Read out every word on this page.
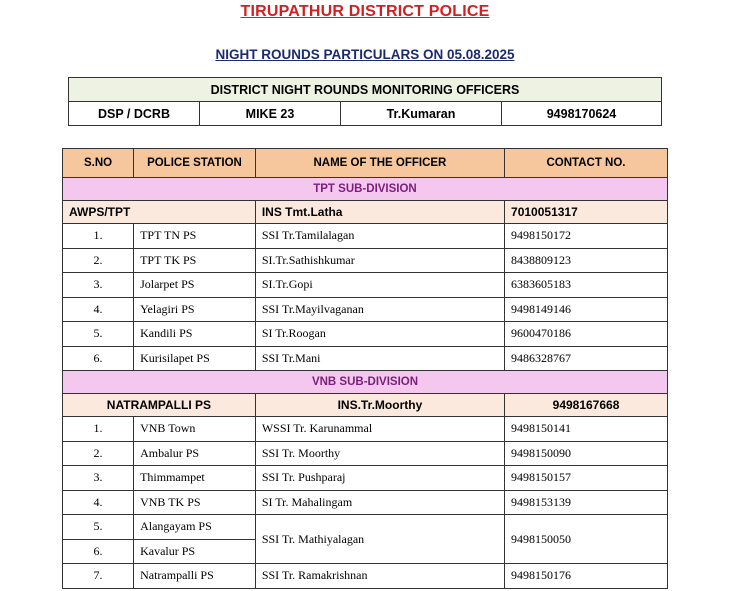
TIRUPATHUR DISTRICT POLICE
NIGHT ROUNDS PARTICULARS ON 05.08.2025
DISTRICT NIGHT ROUNDS MONITORING OFFICERS
DSP / DCRB	MIKE 23	Tr.Kumaran	9498170624
S.NO	POLICE STATION	NAME OF THE OFFICER	CONTACT NO.
TPT SUB-DIVISION			
AWPS/TPT		INS Tmt.Latha	7010051317
1.	TPT TN PS	SSI Tr.Tamilalagan	9498150172
2.	TPT TK PS	SI.Tr.Sathishkumar	8438809123
3.	Jolarpet PS	SI.Tr.Gopi	6383605183
4.	Yelagiri PS	SSI Tr.Mayilvaganan	9498149146
5.	Kandili PS	SI Tr.Roogan	9600470186
6.	Kurisilapet PS	SSI Tr.Mani	9486328767
VNB SUB-DIVISION			
NATRAMPALLI PS		INS.Tr.Moorthy	9498167668
1.	VNB Town	WSSI Tr. Karunammal	9498150141
2.	Ambalur PS	SSI Tr. Moorthy	9498150090
3.	Thimmampet	SSI Tr. Pushparaj	9498150157
4.	VNB TK PS	SI Tr. Mahalingam	9498153139
5.	Alangayam PS	SSI Tr. Mathiyalagan	9498150050
6.	Kavalur PS		
7.	Natrampalli PS	SSI Tr. Ramakrishnan	9498150176
